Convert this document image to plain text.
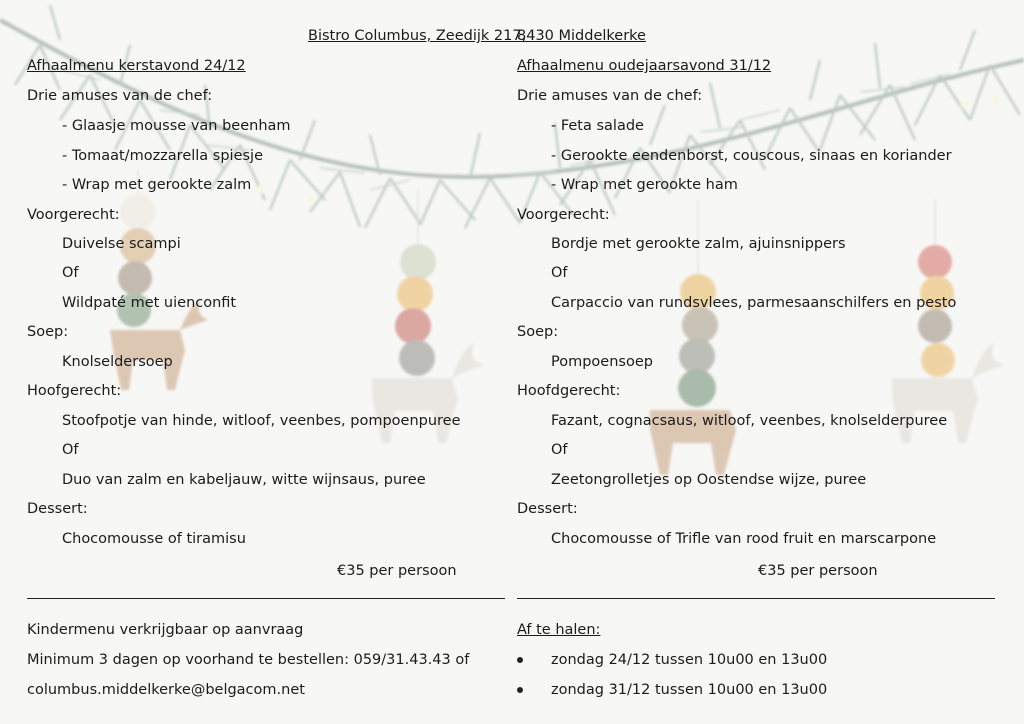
Bistro Columbus, Zeedijk 217,
8430 Middelkerke
Afhaalmenu kerstavond 24/12
Drie amuses van de chef:
- Glaasje mousse van beenham
- Tomaat/mozzarella spiesje
- Wrap met gerookte zalm
Voorgerecht:
Duivelse scampi
Of
Wildpaté met uienconfit
Soep:
Knolseldersoep
Hoofgerecht:
Stoofpotje van hinde, witloof, veenbes, pompoenpuree
Of
Duo van zalm en kabeljauw, witte wijnsaus, puree
Dessert:
Chocomousse of tiramisu
€35 per persoon
Afhaalmenu oudejaarsavond 31/12
Drie amuses van de chef:
- Feta salade
- Gerookte eendenborst, couscous, sinaas en koriander
- Wrap met gerookte ham
Voorgerecht:
Bordje met gerookte zalm, ajuinsnippers
Of
Carpaccio van rundsvlees, parmesaanschilfers en pesto
Soep:
Pompoensoep
Hoofdgerecht:
Fazant, cognacsaus, witloof, veenbes, knolselderpuree
Of
Zeetongrolletjes op Oostendse wijze, puree
Dessert:
Chocomousse of Trifle van rood fruit en marscarpone
€35 per persoon
Kindermenu verkrijgbaar op aanvraag
Minimum 3 dagen op voorhand te bestellen: 059/31.43.43 of
columbus.middelkerke@belgacom.net
Af te halen:
zondag 24/12 tussen 10u00 en 13u00
zondag 31/12 tussen 10u00 en 13u00
